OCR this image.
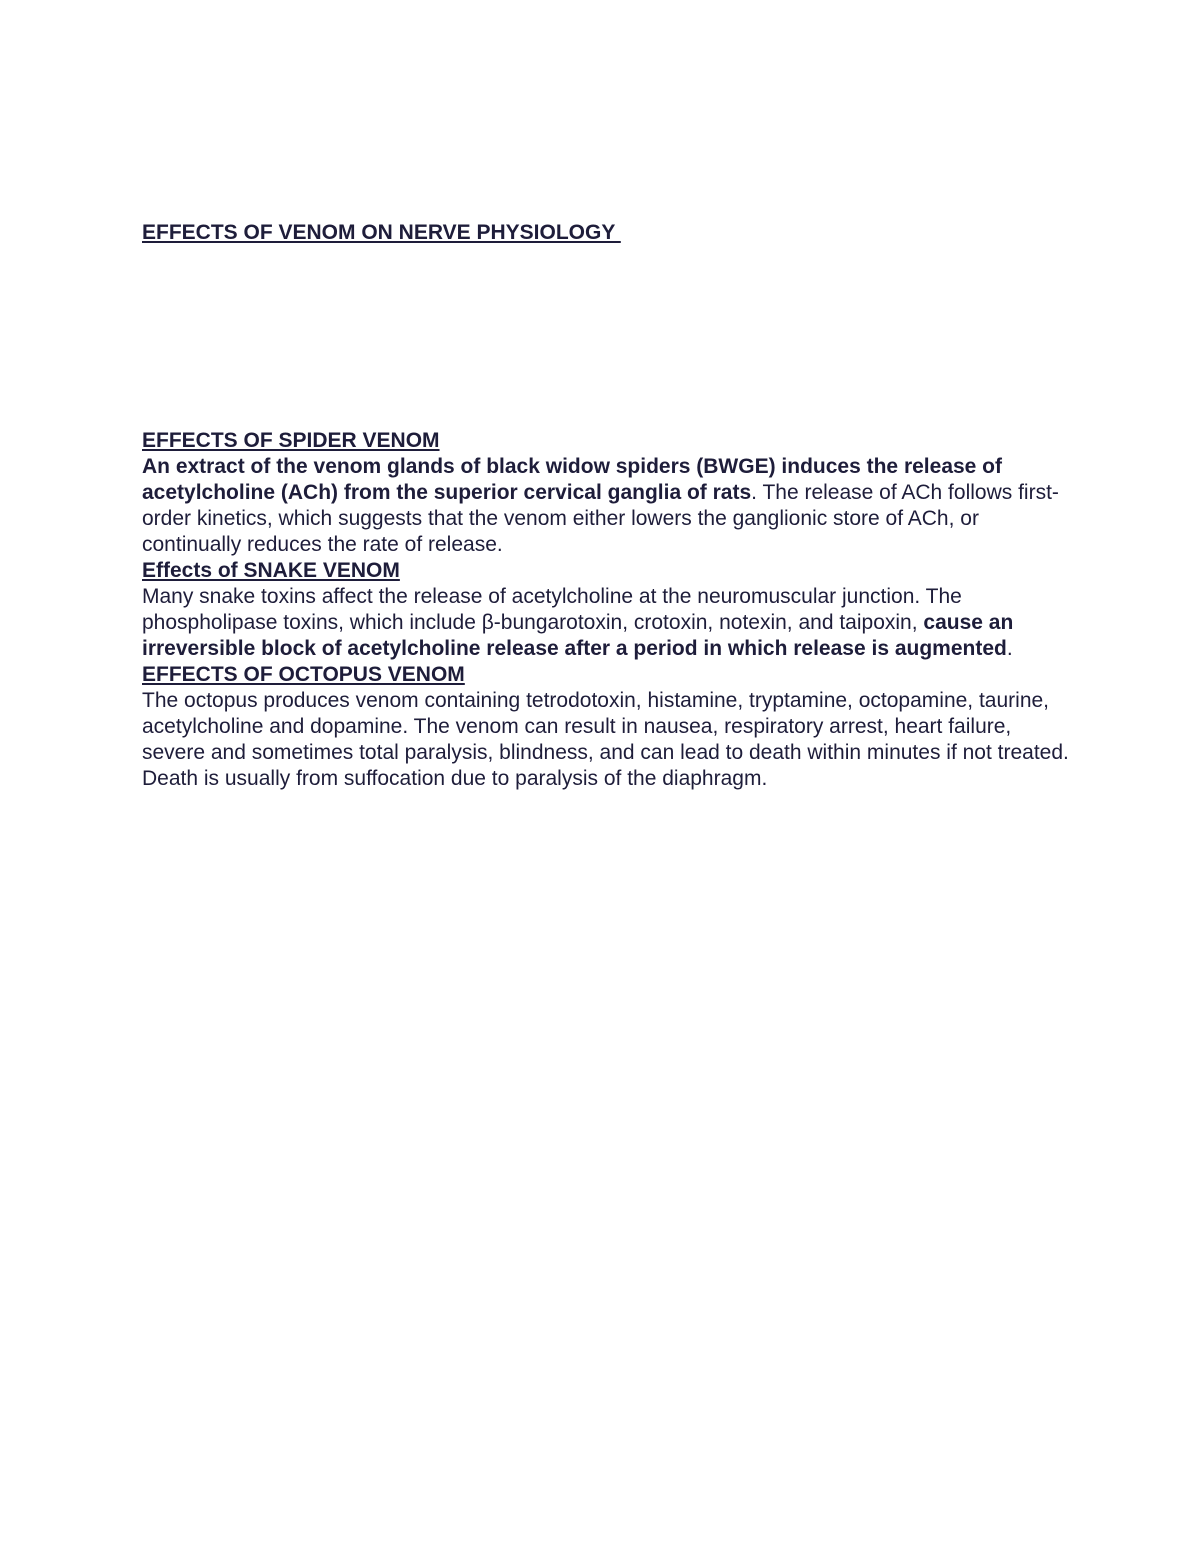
EFFECTS OF VENOM ON NERVE PHYSIOLOGY
EFFECTS OF SPIDER VENOM

An extract of the venom glands of black widow spiders (BWGE) induces the release of acetylcholine (ACh) from the superior cervical ganglia of rats. The release of ACh follows first-order kinetics, which suggests that the venom either lowers the ganglionic store of ACh, or continually reduces the rate of release.

Effects of SNAKE VENOM

Many snake toxins affect the release of acetylcholine at the neuromuscular junction. The phospholipase toxins, which include β-bungarotoxin, crotoxin, notexin, and taipoxin, cause an irreversible block of acetylcholine release after a period in which release is augmented.

EFFECTS OF OCTOPUS VENOM

The octopus produces venom containing tetrodotoxin, histamine, tryptamine, octopamine, taurine, acetylcholine and dopamine. The venom can result in nausea, respiratory arrest, heart failure, severe and sometimes total paralysis, blindness, and can lead to death within minutes if not treated. Death is usually from suffocation due to paralysis of the diaphragm.
